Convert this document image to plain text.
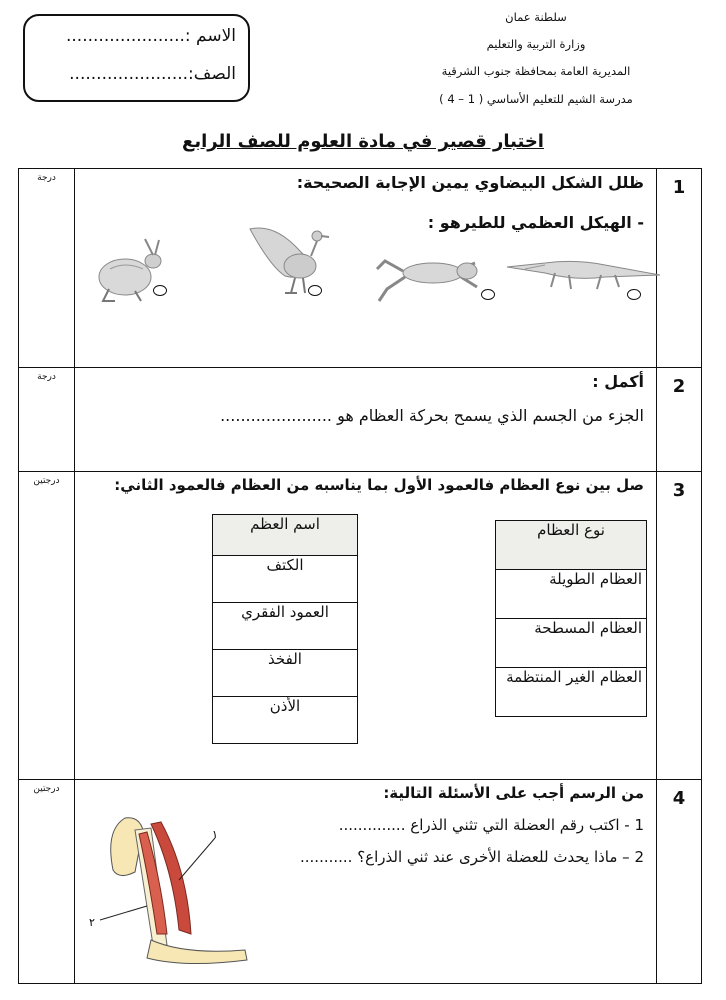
الاسم :......................
الصف:......................
سلطنة عمان
وزارة التربية والتعليم
المديرية العامة بمحافظة جنوب الشرقية
مدرسة الشيم للتعليم الأساسي ( 1 – 4 )
اختبار قصير في مادة العلوم للصف الرابع
درجة	ظلل الشكل البيضاوي يمين الإجابة الصحيحة:
- الهيكل العظمي للطيرهو :

1

درجة	أكمل :
الجزء من الجسم الذي يسمح بحركة العظام هو ......................

2

درجتين	صل بين نوع العظام فالعمود الأول بما يناسبه من العظام فالعمود الثاني:
اسم العظم
الكتف
العمود الفقري
الفخذ
الأذن
نوع العظام
العظام الطويلة
العظام المسطحة
العظام الغير المنتظمة

3

درجتين	من الرسم أجب على الأسئلة التالية:
1 - اكتب رقم العضلة التي تثني الذراع ..............
2 – ماذا يحدث للعضلة الأخرى عند ثني الذراع؟ ...........
١
٢

4
